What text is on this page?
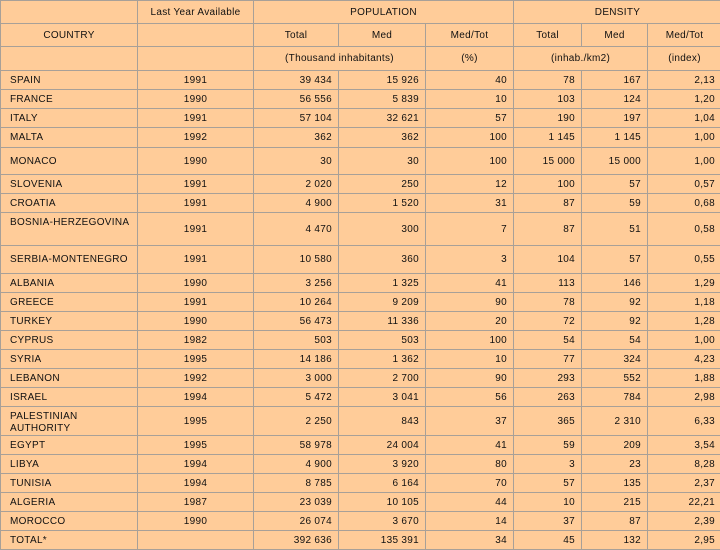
	Last Year Available	POPULATION			DENSITY		
COUNTRY		Total	Med	Med/Tot	Total	Med	Med/Tot
		(Thousand inhabitants)		(%)	(inhab./km2)		(index)
SPAIN	1991	39 434	15 926	40	78	167	2,13
FRANCE	1990	56 556	5 839	10	103	124	1,20
ITALY	1991	57 104	32 621	57	190	197	1,04
MALTA	1992	362	362	100	1 145	1 145	1,00
MONACO	1990	30	30	100	15 000	15 000	1,00
SLOVENIA	1991	2 020	250	12	100	57	0,57
CROATIA	1991	4 900	1 520	31	87	59	0,68
BOSNIA-HERZEGOVINA	1991	4 470	300	7	87	51	0,58
SERBIA-MONTENEGRO	1991	10 580	360	3	104	57	0,55
ALBANIA	1990	3 256	1 325	41	113	146	1,29
GREECE	1991	10 264	9 209	90	78	92	1,18
TURKEY	1990	56 473	11 336	20	72	92	1,28
CYPRUS	1982	503	503	100	54	54	1,00
SYRIA	1995	14 186	1 362	10	77	324	4,23
LEBANON	1992	3 000	2 700	90	293	552	1,88
ISRAEL	1994	5 472	3 041	56	263	784	2,98
PALESTINIAN AUTHORITY	1995	2 250	843	37	365	2 310	6,33
EGYPT	1995	58 978	24 004	41	59	209	3,54
LIBYA	1994	4 900	3 920	80	3	23	8,28
TUNISIA	1994	8 785	6 164	70	57	135	2,37
ALGERIA	1987	23 039	10 105	44	10	215	22,21
MOROCCO	1990	26 074	3 670	14	37	87	2,39
TOTAL*		392 636	135 391	34	45	132	2,95
